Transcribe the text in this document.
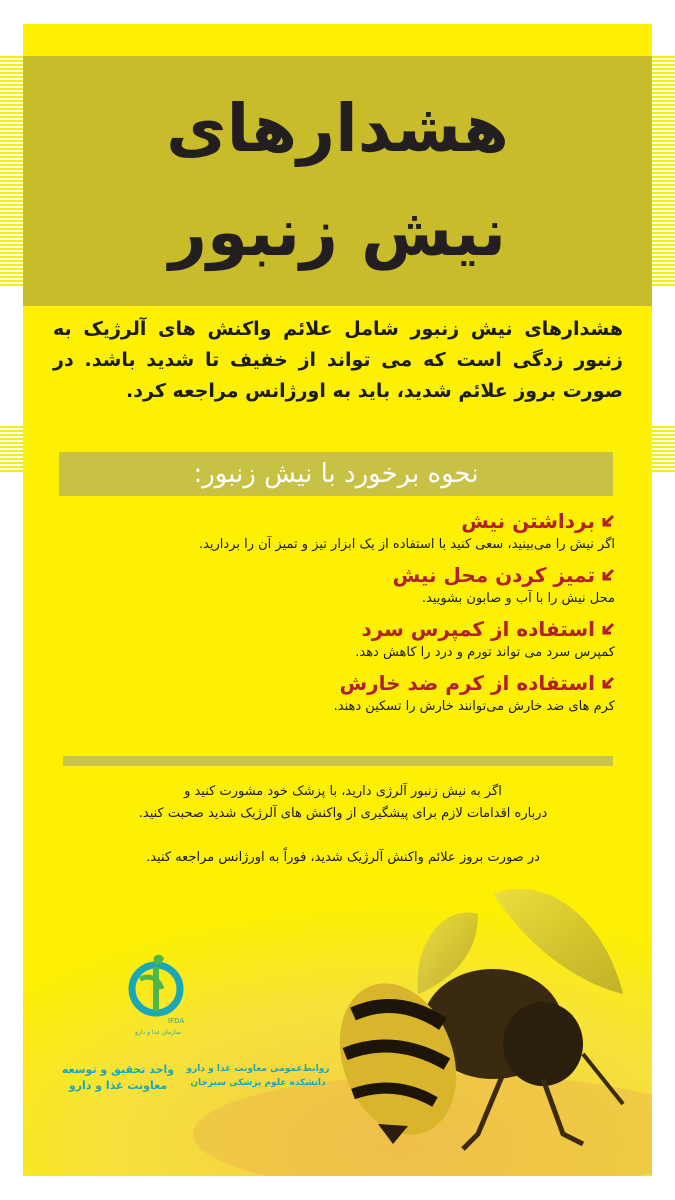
هشدارهای
نیش زنبور
هشدارهای نیش زنبور شامل علائم واکنش های آلرژیک به زنبور زدگی است که می تواند از خفیف تا شدید باشد. در صورت بروز علائم شدید، باید به اورژانس مراجعه کرد.
نحوه برخورد با نیش زنبور:
برداشتن نیش
اگر نیش را می‌بینید، سعی کنید با استفاده از یک ابزار تیز و تمیز آن را بردارید.
تمیز کردن محل نیش
محل نیش را با آب و صابون بشویید.
استفاده از کمپرس سرد
کمپرس سرد می تواند تورم و درد را کاهش دهد.
استفاده از کرم ضد خارش
کرم های ضد خارش می‌توانند خارش را تسکین دهند.

اگر به نیش زنبور آلرژی دارید، با پزشک خود مشورت کنید و

درباره اقدامات لازم برای پیشگیری از واکنش های آلرژیک شدید صحبت کنید.

در صورت بروز علائم واکنش آلرژیک شدید، فوراً به اورژانس مراجعه کنید.

IFDA
سازمان غذا و دارو
واحد تحقیق و توسعه
معاونت غذا و دارو
روابط‌عمومی معاونت غذا و دارو
دانشکده علوم پزشکی سیرجان
